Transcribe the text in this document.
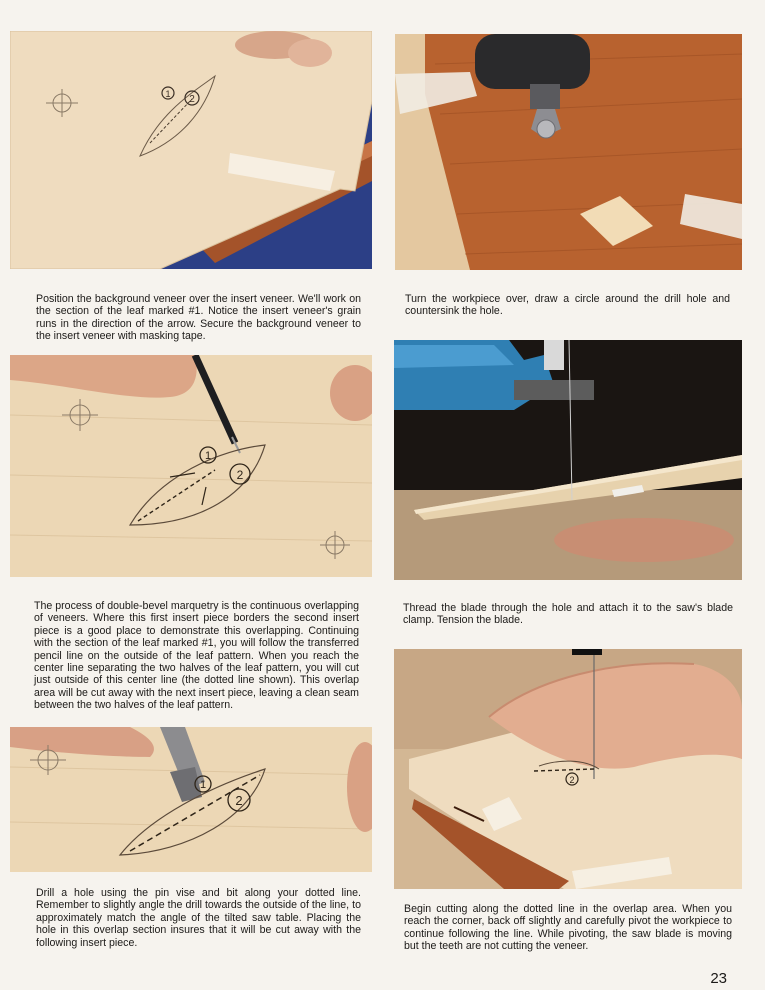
1 2

Position the background veneer over the insert veneer. We'll work on the section of the leaf marked #1. Notice the insert veneer's grain runs in the direction of the arrow. Secure the background veneer to the insert veneer with masking tape.

Turn the workpiece over, draw a circle around the drill hole and countersink the hole.

1
2

The process of double-bevel marquetry is the continuous overlapping of veneers. Where this first insert piece borders the second insert piece is a good place to demonstrate this overlapping. Continuing with the section of the leaf marked #1, you will follow the transferred pencil line on the outside of the leaf pattern. When you reach the center line separating the two halves of the leaf pattern, you will cut just outside of this center line (the dotted line shown). This overlap area will be cut away with the next insert piece, leaving a clean seam between the two halves of the leaf pattern.

Thread the blade through the hole and attach it to the saw's blade clamp. Tension the blade.

1
2
2

Drill a hole using the pin vise and bit along your dotted line. Remember to slightly angle the drill towards the outside of the line, to approximately match the angle of the tilted saw table. Placing the hole in this overlap section insures that it will be cut away with the following insert piece.

Begin cutting along the dotted line in the overlap area. When you reach the corner, back off slightly and carefully pivot the workpiece to continue following the line. While pivoting, the saw blade is moving but the teeth are not cutting the veneer.

23
